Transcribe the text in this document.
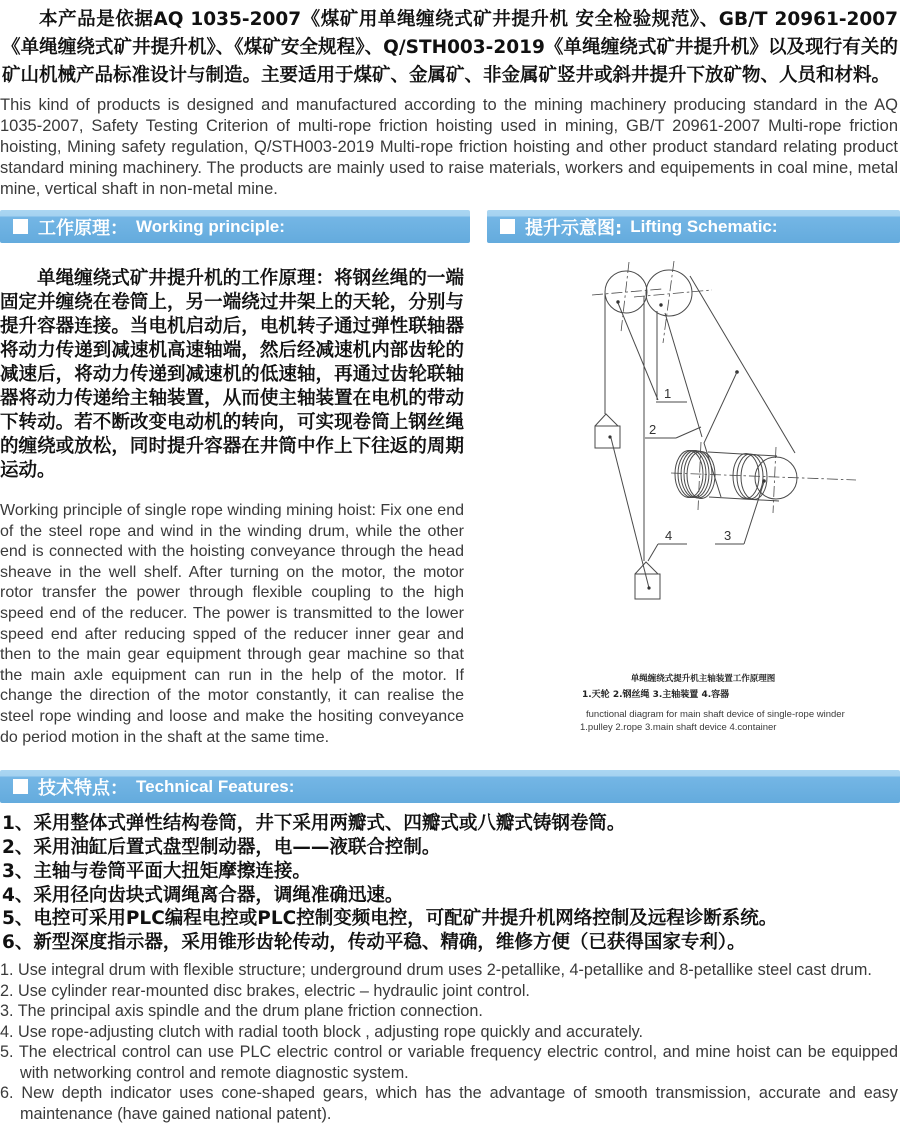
本产品是依据AQ 1035-2007《煤矿用单绳缠绕式矿井提升机 安全检验规范》、GB/T 20961-2007《单绳缠绕式矿井提升机》、《煤矿安全规程》、Q/STH003-2019《单绳缠绕式矿井提升机》以及现行有关的矿山机械产品标准设计与制造。主要适用于煤矿、金属矿、非金属矿竖井或斜井提升下放矿物、人员和材料。

This kind of products is designed and manufactured according to the mining machinery producing standard in the AQ 1035-2007, Safety Testing Criterion of multi-rope friction hoisting used in mining, GB/T 20961-2007 Multi-rope friction hoisting, Mining safety regulation, Q/STH003-2019 Multi-rope friction hoisting and other product standard relating product standard mining machinery. The products are mainly used to raise materials, workers and equipements in coal mine, metal mine, vertical shaft in non-metal mine.

工作原理： Working principle:	提升示意图: Lifting Schematic:

单绳缠绕式矿井提升机的工作原理：将钢丝绳的一端固定并缠绕在卷筒上，另一端绕过井架上的天轮，分别与提升容器连接。当电机启动后，电机转子通过弹性联轴器将动力传递到减速机高速轴端，然后经减速机内部齿轮的减速后，将动力传递到减速机的低速轴，再通过齿轮联轴器将动力传递给主轴装置，从而使主轴装置在电机的带动下转动。若不断改变电动机的转向，可实现卷筒上钢丝绳的缠绕或放松，同时提升容器在井筒中作上下往返的周期运动。

Working principle of single rope winding mining hoist: Fix one end of the steel rope and wind in the winding drum, while the other end is connected with the hoisting conveyance through the head sheave in the well shelf. After turning on the motor, the motor rotor transfer the power through flexible coupling to the high speed end of the reducer. The power is transmitted to the lower speed end after reducing spped of the reducer inner gear and then to the main gear equipment through gear machine so that the main axle equipment can run in the help of the motor. If change the direction of the motor constantly, it can realise the steel rope winding and loose and make the hositing conveyance do period motion in the shaft at the same time.

1
2
3
4
单绳缠绕式提升机主轴装置工作原理图
1.天轮 2.钢丝绳 3.主轴装置 4.容器
functional diagram for main shaft device of single-rope winder
1.pulley 2.rope 3.main shaft device 4.container
技术特点： Technical Features:
1、采用整体式弹性结构卷筒，井下采用两瓣式、四瓣式或八瓣式铸钢卷筒。
2、采用油缸后置式盘型制动器，电——液联合控制。
3、主轴与卷筒平面大扭矩摩擦连接。
4、采用径向齿块式调绳离合器，调绳准确迅速。
5、电控可采用PLC编程电控或PLC控制变频电控，可配矿井提升机网络控制及远程诊断系统。
6、新型深度指示器，采用锥形齿轮传动，传动平稳、精确，维修方便（已获得国家专利）。
1. Use integral drum with flexible structure; underground drum uses 2-petallike, 4-petallike and 8-petallike steel cast drum.
2. Use cylinder rear-mounted disc brakes, electric – hydraulic joint control.
3. The principal axis spindle and the drum plane friction connection.
4. Use rope-adjusting clutch with radial tooth block , adjusting rope quickly and accurately.
5. The electrical control can use PLC electric control or variable frequency electric control, and mine hoist can be equipped with networking control and remote diagnostic system.
6. New depth indicator uses cone-shaped gears, which has the advantage of smooth transmission, accurate and easy maintenance (have gained national patent).
